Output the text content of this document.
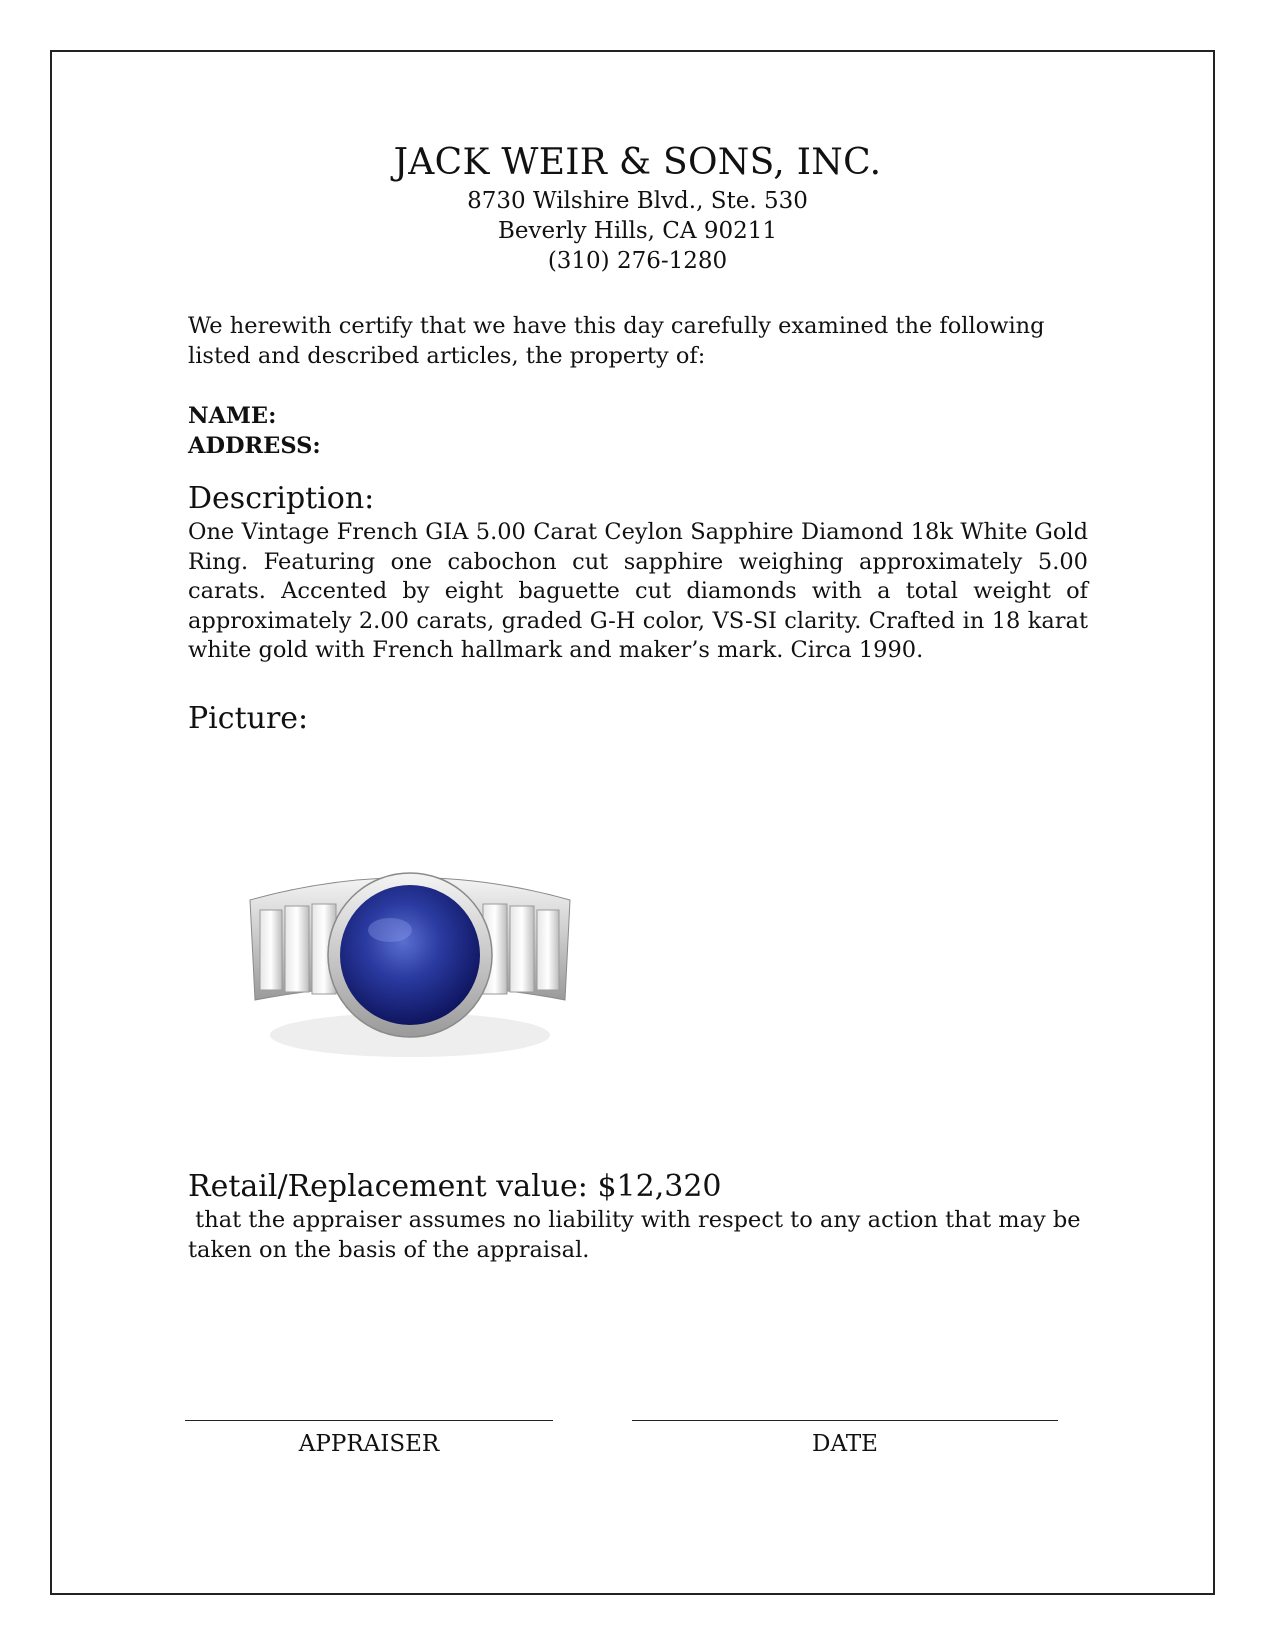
JACK WEIR & SONS, INC.
8730 Wilshire Blvd., Ste. 530
Beverly Hills, CA 90211
(310) 276-1280

We herewith certify that we have this day carefully examined the following listed and described articles, the property of:

NAME:

ADDRESS:

Description:

One Vintage French GIA 5.00 Carat Ceylon Sapphire Diamond 18k White Gold Ring. Featuring one cabochon cut sapphire weighing approximately 5.00 carats. Accented by eight baguette cut diamonds with a total weight of approximately 2.00 carats, graded G-H color, VS-SI clarity. Crafted in 18 karat white gold with French hallmark and maker’s mark. Circa 1990.

Picture:

Retail/Replacement value: $12,320

that the appraiser assumes no liability with respect to any action that may be taken on the basis of the appraisal.

APPRAISER	DATE
